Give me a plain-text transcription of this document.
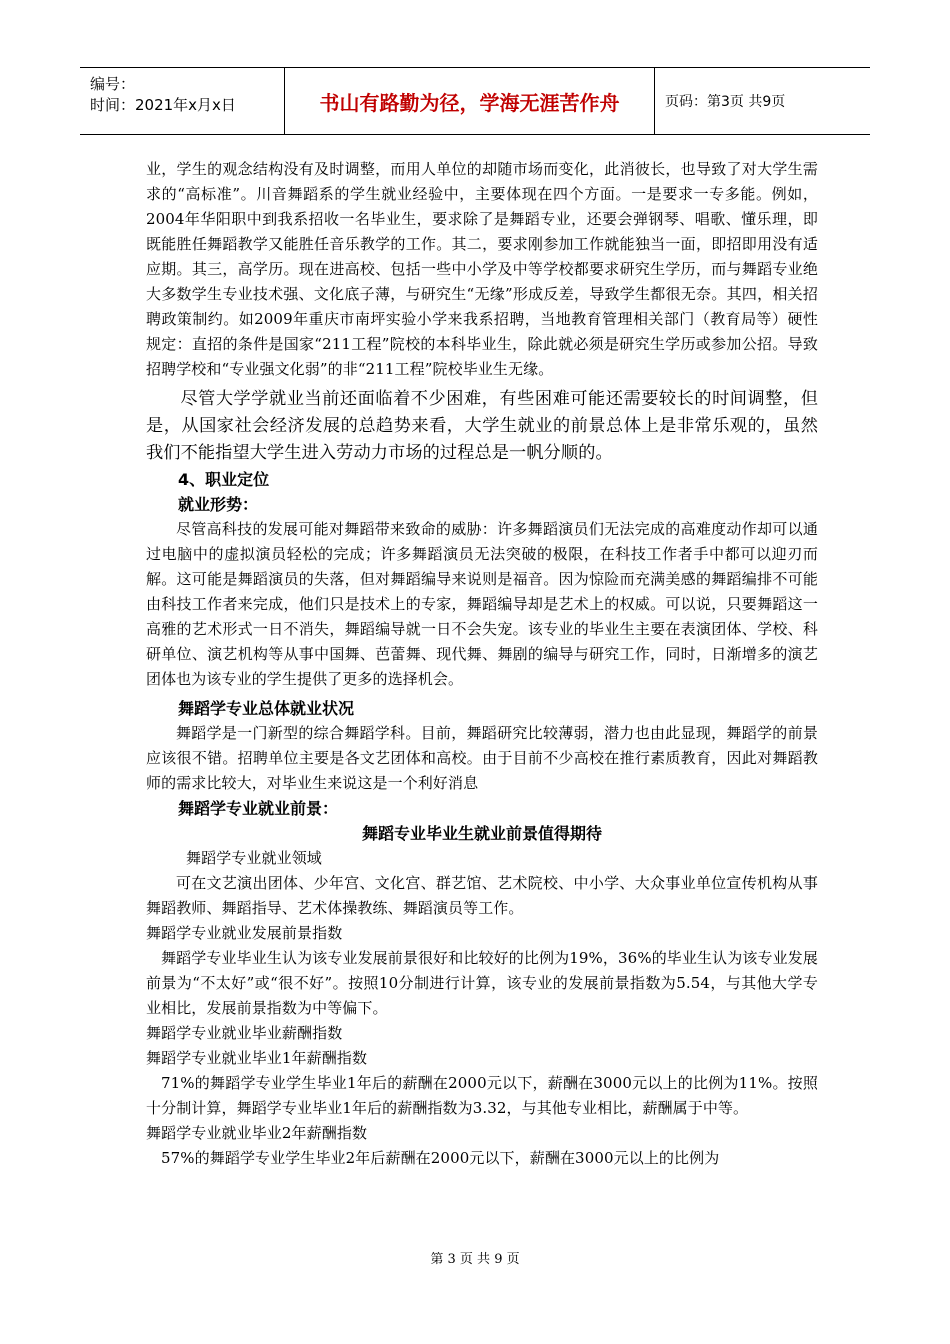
编号：
时间：2021年x月x日	书山有路勤为径，学海无涯苦作舟	页码：第3页 共9页

业，学生的观念结构没有及时调整，而用人单位的却随市场而变化，此消彼长，也导致了对大学生需求的“高标准”。川音舞蹈系的学生就业经验中，主要体现在四个方面。一是要求一专多能。例如，2004年华阳职中到我系招收一名毕业生，要求除了是舞蹈专业，还要会弹钢琴、唱歌、懂乐理，即既能胜任舞蹈教学又能胜任音乐教学的工作。其二，要求刚参加工作就能独当一面，即招即用没有适应期。其三，高学历。现在进高校、包括一些中小学及中等学校都要求研究生学历，而与舞蹈专业绝大多数学生专业技术强、文化底子薄，与研究生“无缘”形成反差，导致学生都很无奈。其四，相关招聘政策制约。如2009年重庆市南坪实验小学来我系招聘，当地教育管理相关部门（教育局等）硬性规定：直招的条件是国家“211工程”院校的本科毕业生，除此就必须是研究生学历或参加公招。导致招聘学校和“专业强文化弱”的非“211工程”院校毕业生无缘。

尽管大学学就业当前还面临着不少困难，有些困难可能还需要较长的时间调整，但是，从国家社会经济发展的总趋势来看，大学生就业的前景总体上是非常乐观的，虽然我们不能指望大学生进入劳动力市场的过程总是一帆分顺的。

4、职业定位

就业形势：

尽管高科技的发展可能对舞蹈带来致命的威胁：许多舞蹈演员们无法完成的高难度动作却可以通过电脑中的虚拟演员轻松的完成；许多舞蹈演员无法突破的极限，在科技工作者手中都可以迎刃而解。这可能是舞蹈演员的失落，但对舞蹈编导来说则是福音。因为惊险而充满美感的舞蹈编排不可能由科技工作者来完成，他们只是技术上的专家，舞蹈编导却是艺术上的权威。可以说，只要舞蹈这一高雅的艺术形式一日不消失，舞蹈编导就一日不会失宠。该专业的毕业生主要在表演团体、学校、科研单位、演艺机构等从事中国舞、芭蕾舞、现代舞、舞剧的编导与研究工作，同时，日渐增多的演艺团体也为该专业的学生提供了更多的选择机会。

舞蹈学专业总体就业状况

舞蹈学是一门新型的综合舞蹈学科。目前，舞蹈研究比较薄弱，潜力也由此显现，舞蹈学的前景应该很不错。招聘单位主要是各文艺团体和高校。由于目前不少高校在推行素质教育，因此对舞蹈教师的需求比较大，对毕业生来说这是一个利好消息

舞蹈学专业就业前景：

舞蹈专业毕业生就业前景值得期待

舞蹈学专业就业领域

可在文艺演出团体、少年宫、文化宫、群艺馆、艺术院校、中小学、大众事业单位宣传机构从事舞蹈教师、舞蹈指导、艺术体操教练、舞蹈演员等工作。

舞蹈学专业就业发展前景指数

舞蹈学专业毕业生认为该专业发展前景很好和比较好的比例为19%，36%的毕业生认为该专业发展前景为“不太好”或“很不好”。按照10分制进行计算，该专业的发展前景指数为5.54，与其他大学专业相比，发展前景指数为中等偏下。

舞蹈学专业就业毕业薪酬指数

舞蹈学专业就业毕业1年薪酬指数

71%的舞蹈学专业学生毕业1年后的薪酬在2000元以下，薪酬在3000元以上的比例为11%。按照十分制计算，舞蹈学专业毕业1年后的薪酬指数为3.32，与其他专业相比，薪酬属于中等。

舞蹈学专业就业毕业2年薪酬指数

57%的舞蹈学专业学生毕业2年后薪酬在2000元以下，薪酬在3000元以上的比例为

第 3 页 共 9 页
